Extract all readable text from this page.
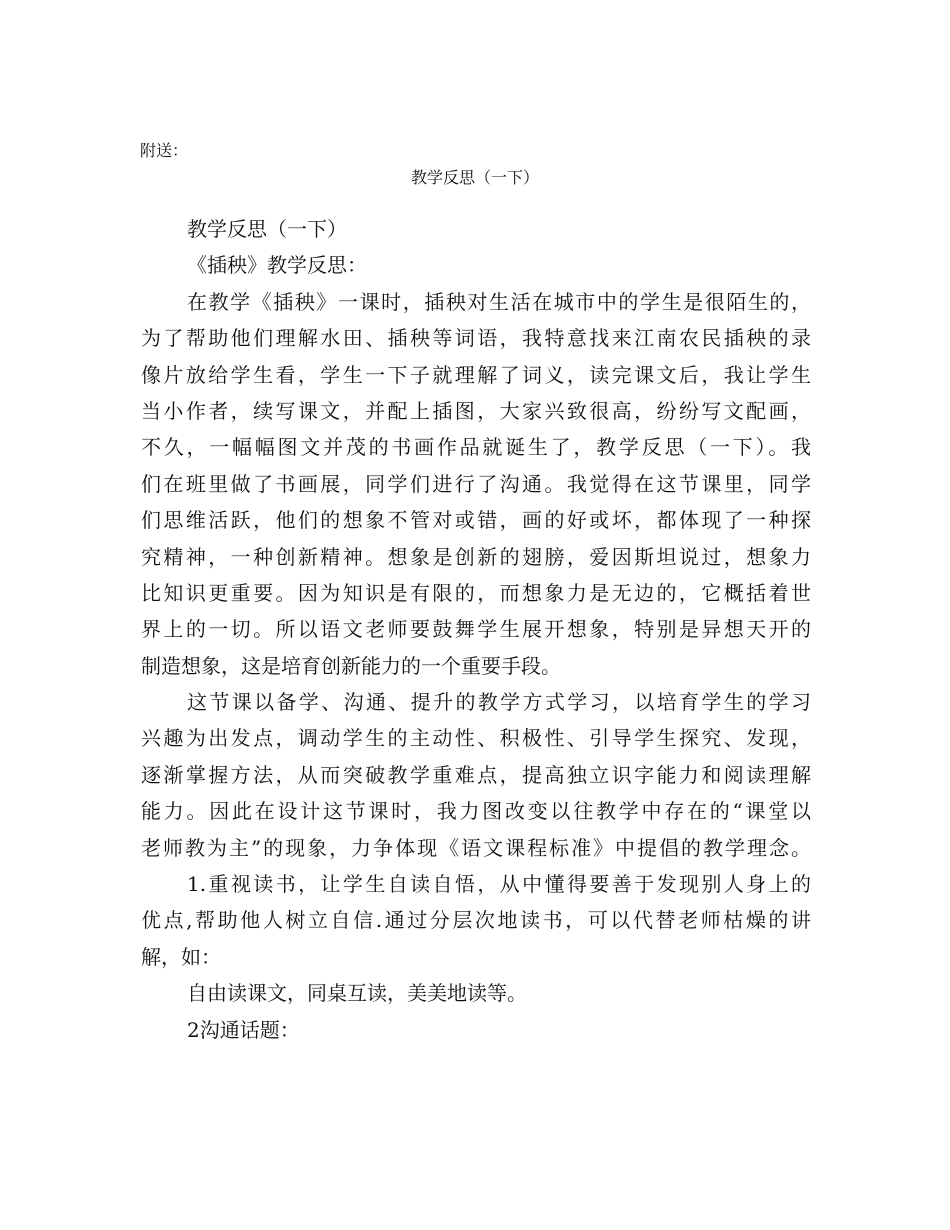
附送：
教学反思（一下）
教学反思（一下）
《插秧》教学反思：
在教学《插秧》一课时，插秧对生活在城市中的学生是很陌生的，
为了帮助他们理解水田、插秧等词语，我特意找来江南农民插秧的录
像片放给学生看，学生一下子就理解了词义，读完课文后，我让学生
当小作者，续写课文，并配上插图，大家兴致很高，纷纷写文配画，
不久，一幅幅图文并茂的书画作品就诞生了，教学反思（一下）。我
们在班里做了书画展，同学们进行了沟通。我觉得在这节课里，同学
们思维活跃，他们的想象不管对或错，画的好或坏，都体现了一种探
究精神，一种创新精神。想象是创新的翅膀，爱因斯坦说过，想象力
比知识更重要。因为知识是有限的，而想象力是无边的，它概括着世
界上的一切。所以语文老师要鼓舞学生展开想象，特别是异想天开的
制造想象，这是培育创新能力的一个重要手段。
这节课以备学、沟通、提升的教学方式学习，以培育学生的学习
兴趣为出发点，调动学生的主动性、积极性、引导学生探究、发现，
逐渐掌握方法，从而突破教学重难点，提高独立识字能力和阅读理解
能力。因此在设计这节课时，我力图改变以往教学中存在的“课堂以
老师教为主”的现象，力争体现《语文课程标准》中提倡的教学理念。
1.重视读书，让学生自读自悟，从中懂得要善于发现别人身上的
优点,帮助他人树立自信.通过分层次地读书，可以代替老师枯燥的讲
解，如：
自由读课文，同桌互读，美美地读等。
2沟通话题：
